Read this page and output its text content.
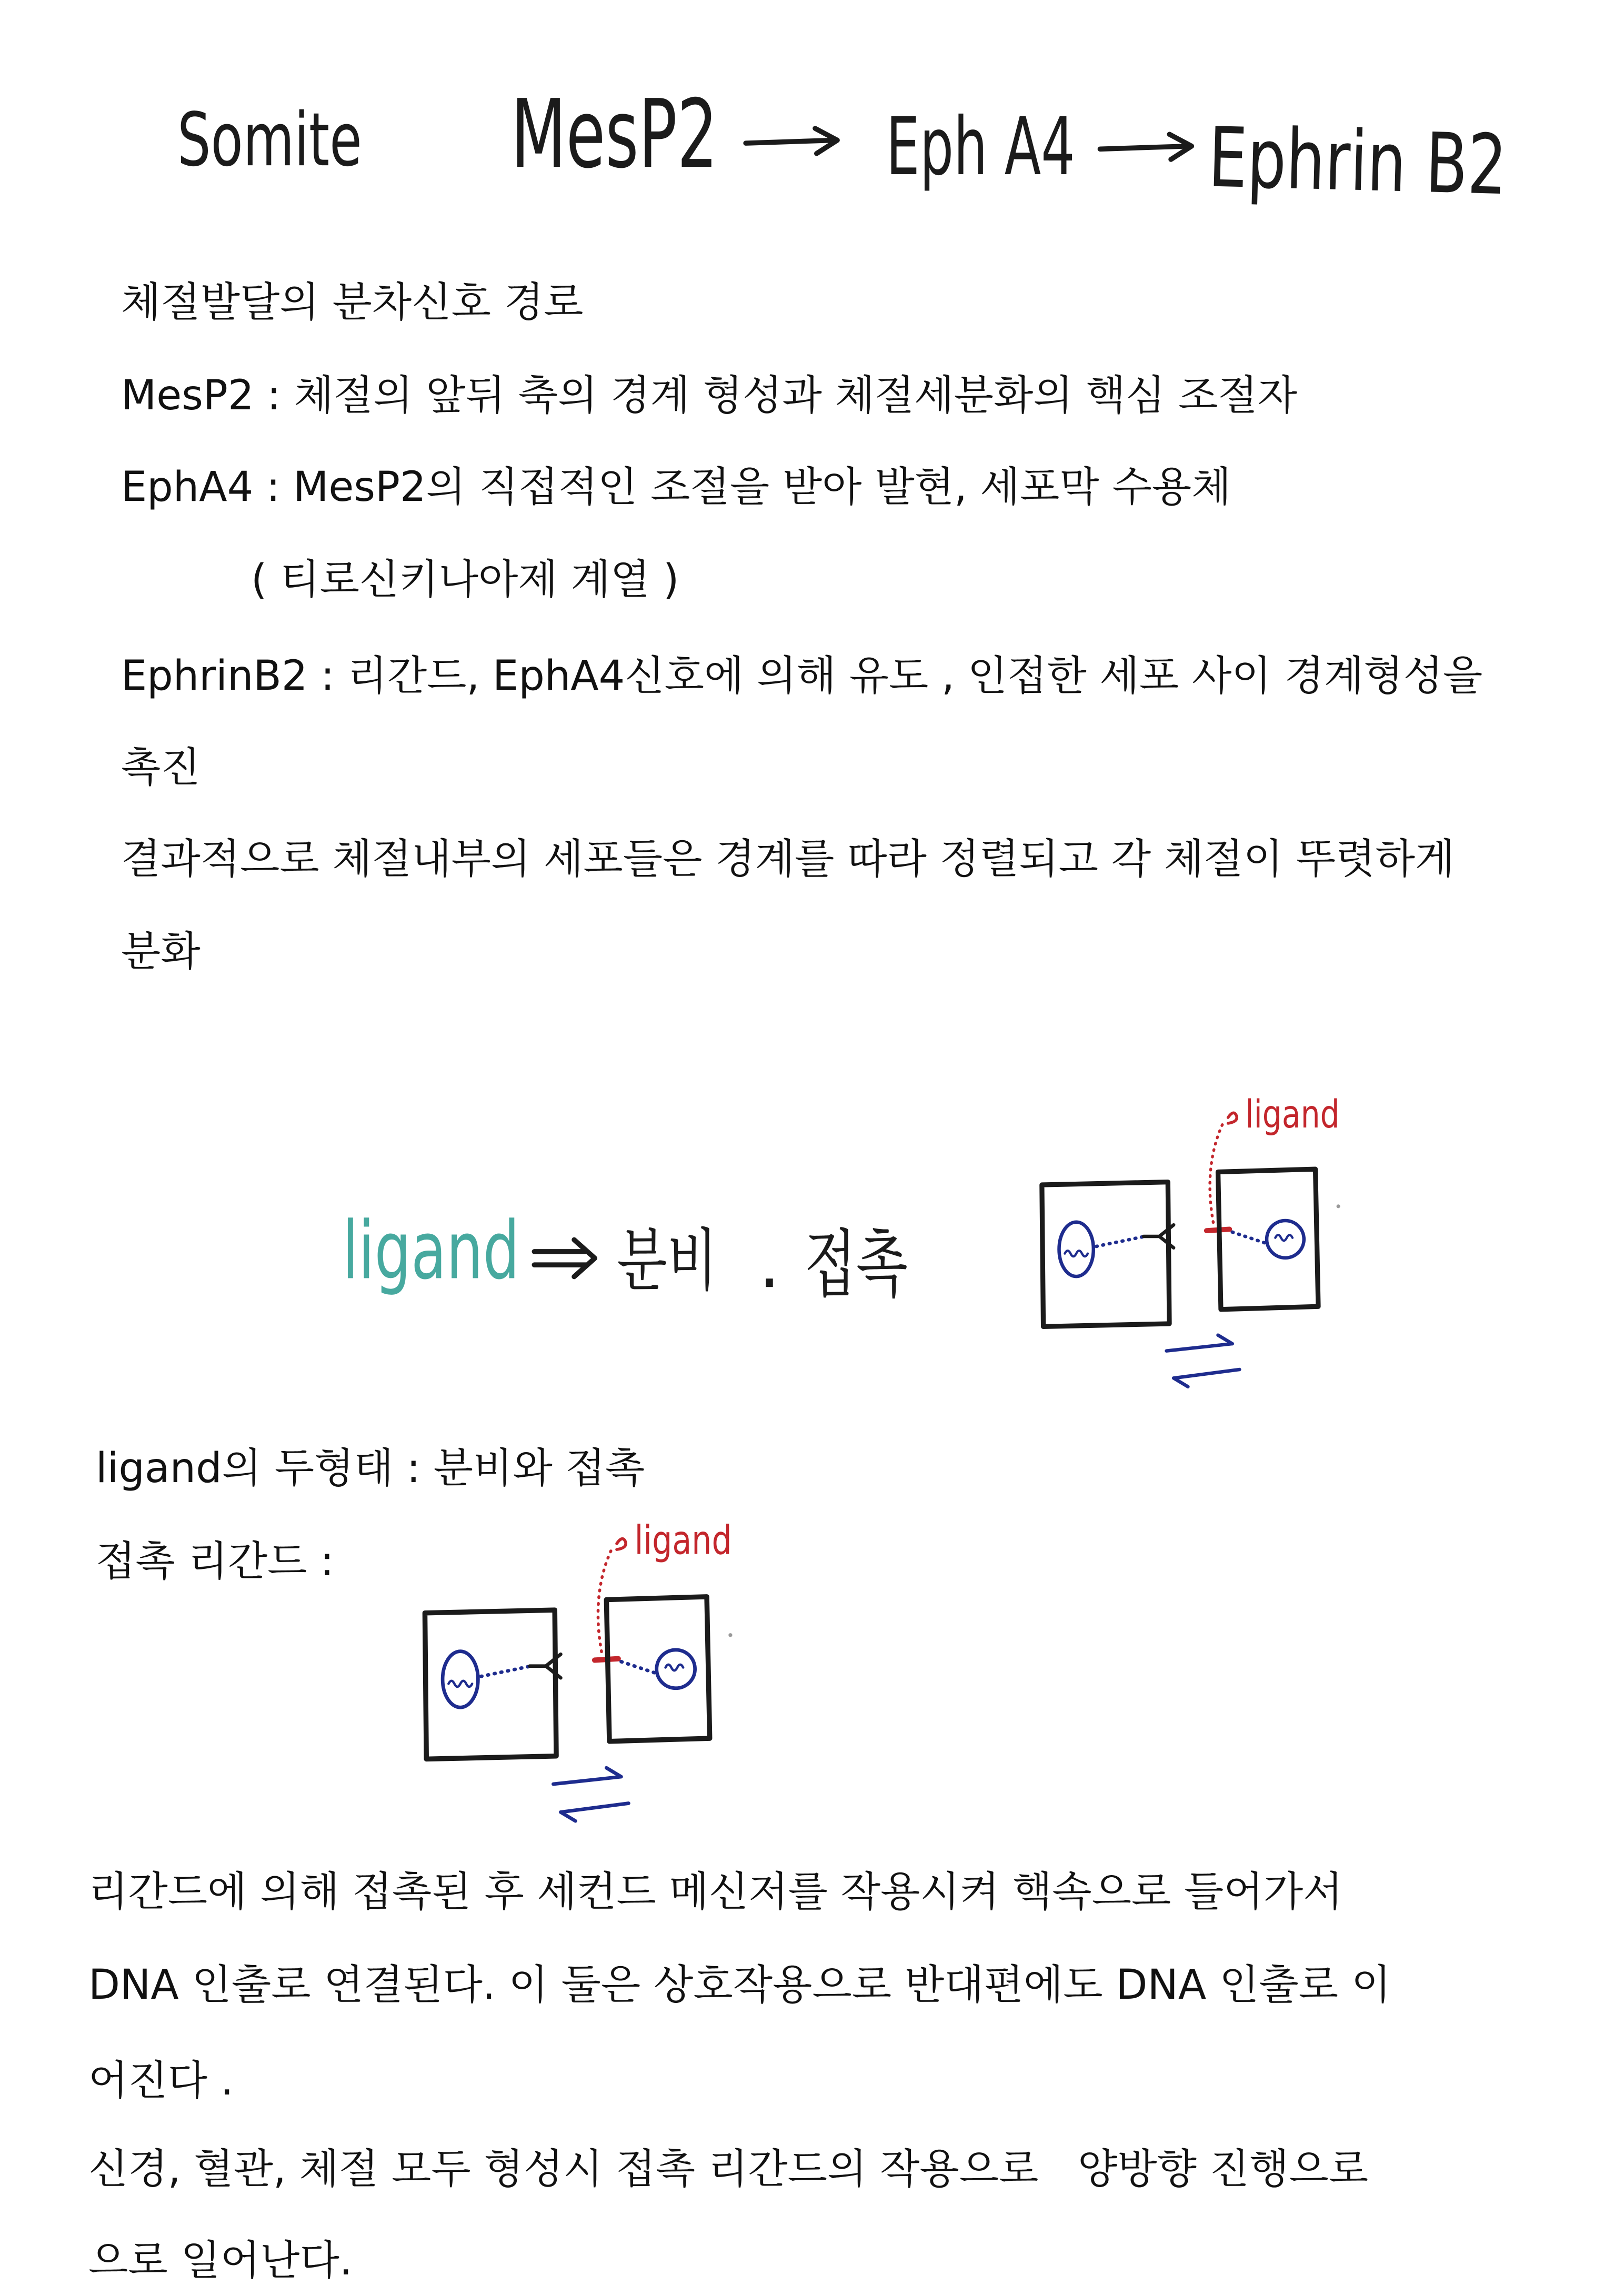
Somite	MesP2	Eph A4	Ephrin B2

체절발달의 분차신호 경로

MesP2 : 체절의 앞뒤 축의 경계 형성과 체절세분화의 핵심 조절자

EphA4 : MesP2의 직접적인 조절을 받아 발현, 세포막 수용체

( 티로신키나아제 계열 )

EphrinB2 : 리간드, EphA4신호에 의해 유도 , 인접한 세포 사이 경계형성을

촉진

결과적으로 체절내부의 세포들은 경계를 따라 정렬되고 각 체절이 뚜렷하게

분화

ligand	분비 . 접촉
ligand

ligand의 두형태 : 분비와 접촉

접촉 리간드 :	ligand

리간드에 의해 접촉된 후 세컨드 메신저를 작용시켜 핵속으로 들어가서

DNA 인출로 연결된다. 이 둘은 상호작용으로 반대편에도 DNA 인출로 이

어진다 .

신경, 혈관, 체절 모두 형성시 접촉 리간드의 작용으로   양방향 진행으로

으로 일어난다.
